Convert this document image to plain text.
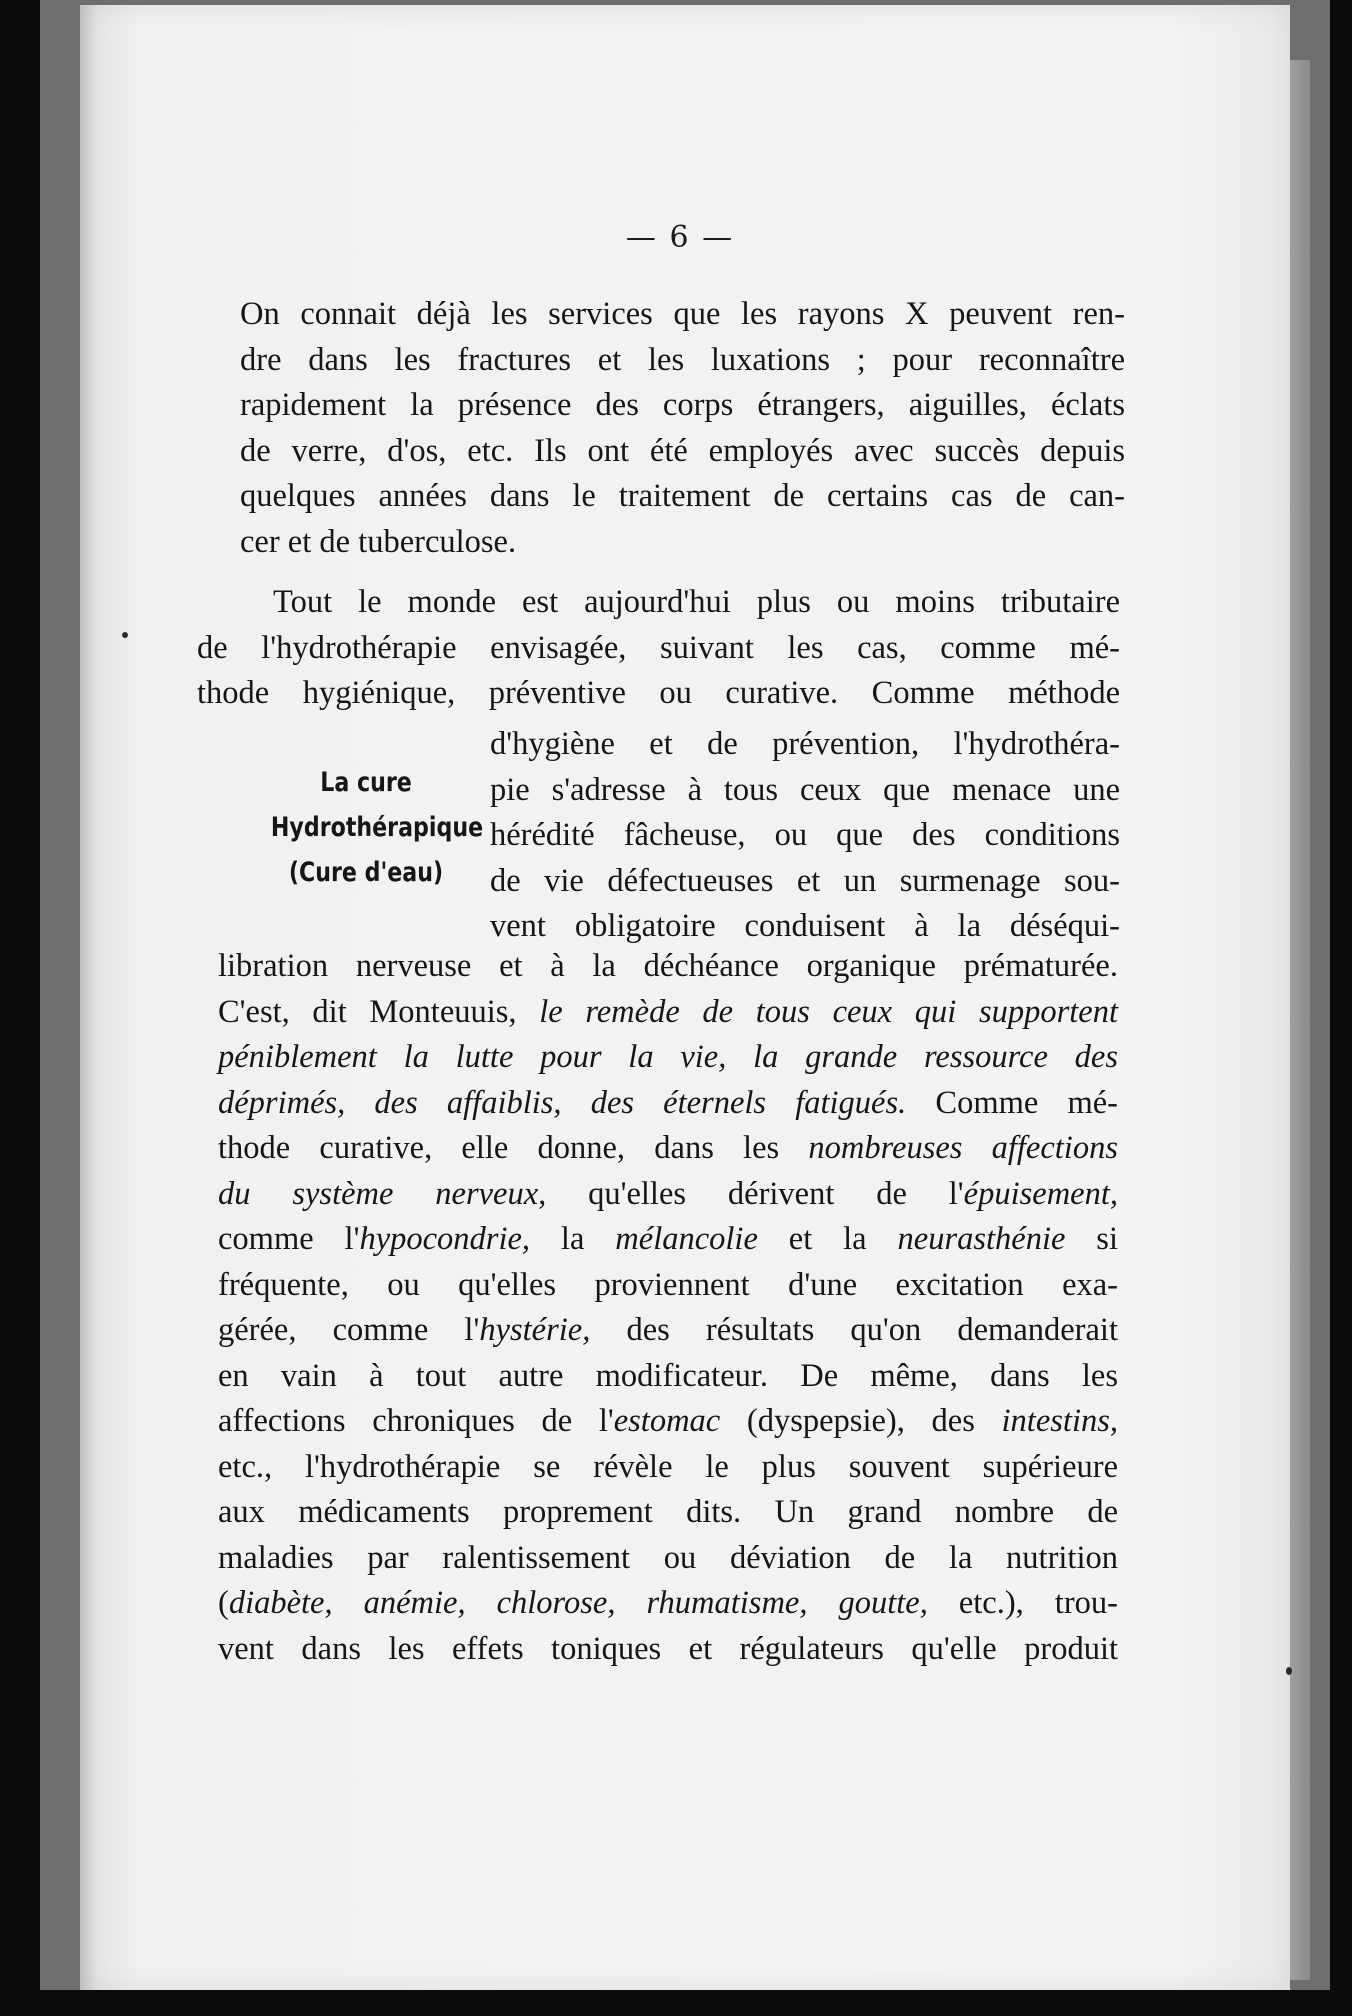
— 6 —
On connait déjà les services que les rayons X peuvent ren-
dre dans les fractures et les luxations ; pour reconnaître
rapidement la présence des corps étrangers, aiguilles, éclats
de verre, d'os, etc. Ils ont été employés avec succès depuis
quelques années dans le traitement de certains cas de can-
cer et de tuberculose.
Tout le monde est aujourd'hui plus ou moins tributaire
de l'hydrothérapie envisagée, suivant les cas, comme mé-
thode hygiénique, préventive ou curative. Comme méthode
La cure
Hydrothérapique
(Cure d'eau)
d'hygiène et de prévention, l'hydrothéra-
pie s'adresse à tous ceux que menace une
hérédité fâcheuse, ou que des conditions
de vie défectueuses et un surmenage sou-
vent obligatoire conduisent à la déséqui-
libration nerveuse et à la déchéance organique prématurée.
C'est, dit Monteuuis, le remède de tous ceux qui supportent
péniblement la lutte pour la vie, la grande ressource des
déprimés, des affaiblis, des éternels fatigués. Comme mé-
thode curative, elle donne, dans les nombreuses affections
du système nerveux, qu'elles dérivent de l'épuisement,
comme l'hypocondrie, la mélancolie et la neurasthénie si
fréquente, ou qu'elles proviennent d'une excitation exa-
gérée, comme l'hystérie, des résultats qu'on demanderait
en vain à tout autre modificateur. De même, dans les
affections chroniques de l'estomac (dyspepsie), des intestins,
etc., l'hydrothérapie se révèle le plus souvent supérieure
aux médicaments proprement dits. Un grand nombre de
maladies par ralentissement ou déviation de la nutrition
(diabète, anémie, chlorose, rhumatisme, goutte, etc.), trou-
vent dans les effets toniques et régulateurs qu'elle produit
